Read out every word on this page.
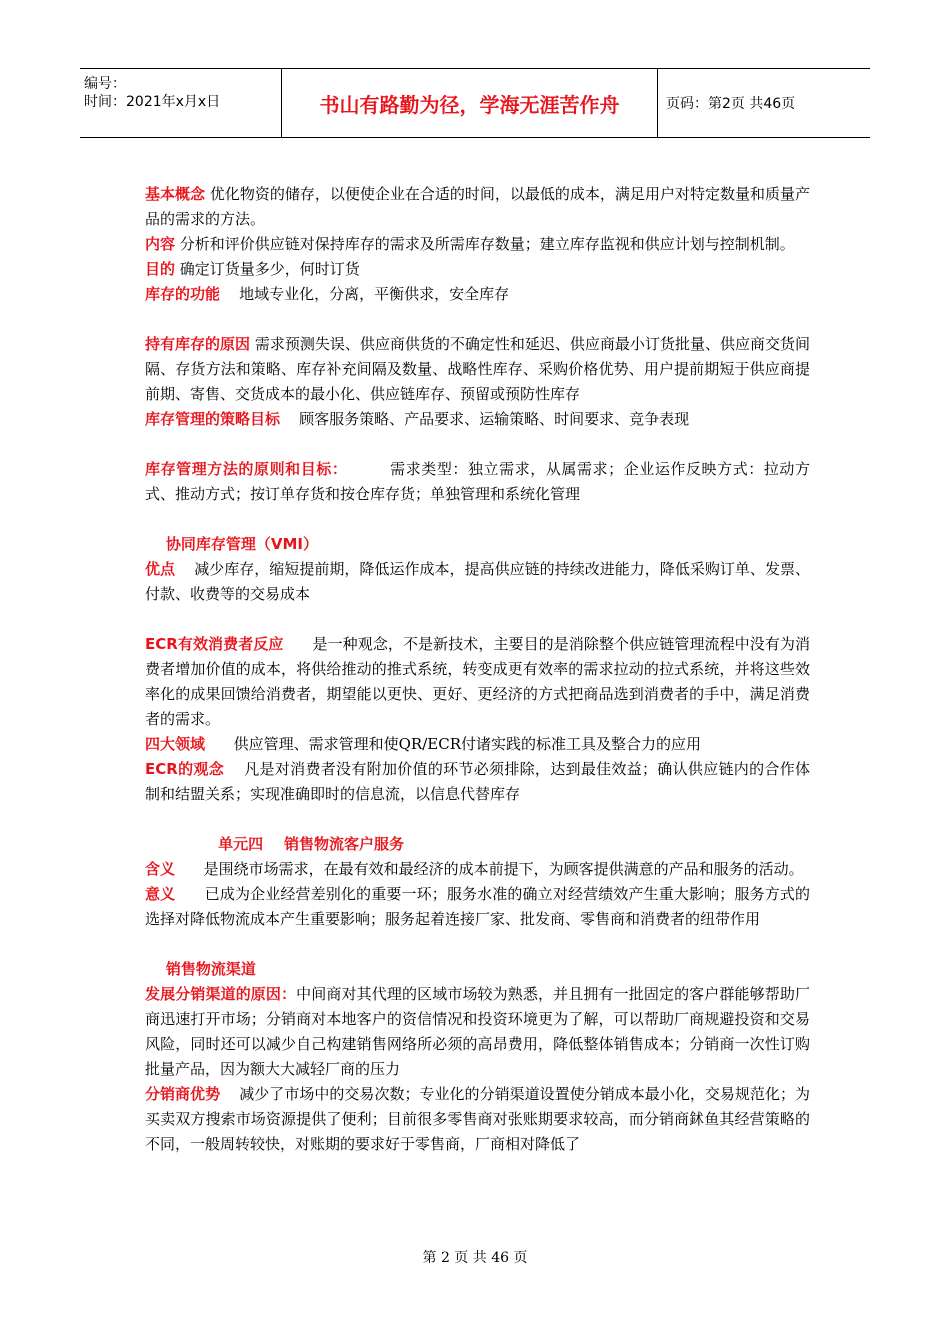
编号：
时间：2021年x月x日	书山有路勤为径，学海无涯苦作舟	页码：第2页 共46页

基本概念 优化物资的储存，以便使企业在合适的时间，以最低的成本，满足用户对特定数量和质量产品的需求的方法。

内容 分析和评价供应链对保持库存的需求及所需库存数量；建立库存监视和供应计划与控制机制。

目的 确定订货量多少，何时订货

库存的功能    地域专业化，分离，平衡供求，安全库存

持有库存的原因 需求预测失误、供应商供货的不确定性和延迟、供应商最小订货批量、供应商交货间隔、存货方法和策略、库存补充间隔及数量、战略性库存、采购价格优势、用户提前期短于供应商提前期、寄售、交货成本的最小化、供应链库存、预留或预防性库存

库存管理的策略目标    顾客服务策略、产品要求、运输策略、时间要求、竞争表现

库存管理方法的原则和目标：        需求类型：独立需求，从属需求；企业运作反映方式：拉动方式、推动方式；按订单存货和按仓库存货；单独管理和系统化管理

协同库存管理（VMI）

优点    减少库存，缩短提前期，降低运作成本，提高供应链的持续改进能力，降低采购订单、发票、付款、收费等的交易成本

ECR有效消费者反应      是一种观念，不是新技术，主要目的是消除整个供应链管理流程中没有为消费者增加价值的成本，将供给推动的推式系统，转变成更有效率的需求拉动的拉式系统，并将这些效率化的成果回馈给消费者，期望能以更快、更好、更经济的方式把商品选到消费者的手中，满足消费者的需求。

四大领域      供应管理、需求管理和使QR/ECR付诸实践的标准工具及整合力的应用

ECR的观念    凡是对消费者没有附加价值的环节必须排除，达到最佳效益；确认供应链内的合作体制和结盟关系；实现准确即时的信息流，以信息代替库存

单元四    销售物流客户服务

含义      是围绕市场需求，在最有效和最经济的成本前提下，为顾客提供满意的产品和服务的活动。

意义      已成为企业经营差别化的重要一环；服务水准的确立对经营绩效产生重大影响；服务方式的选择对降低物流成本产生重要影响；服务起着连接厂家、批发商、零售商和消费者的纽带作用

销售物流渠道

发展分销渠道的原因：中间商对其代理的区域市场较为熟悉，并且拥有一批固定的客户群能够帮助厂商迅速打开市场；分销商对本地客户的资信情况和投资环境更为了解，可以帮助厂商规避投资和交易风险，同时还可以减少自己构建销售网络所必须的高昂费用，降低整体销售成本；分销商一次性订购批量产品，因为额大大减轻厂商的压力

分销商优势    减少了市场中的交易次数；专业化的分销渠道设置使分销成本最小化，交易规范化；为买卖双方搜索市场资源提供了便利；目前很多零售商对张账期要求较高，而分销商鉥鱼其经营策略的不同，一般周转较快，对账期的要求好于零售商，厂商相对降低了

第 2 页 共 46 页
